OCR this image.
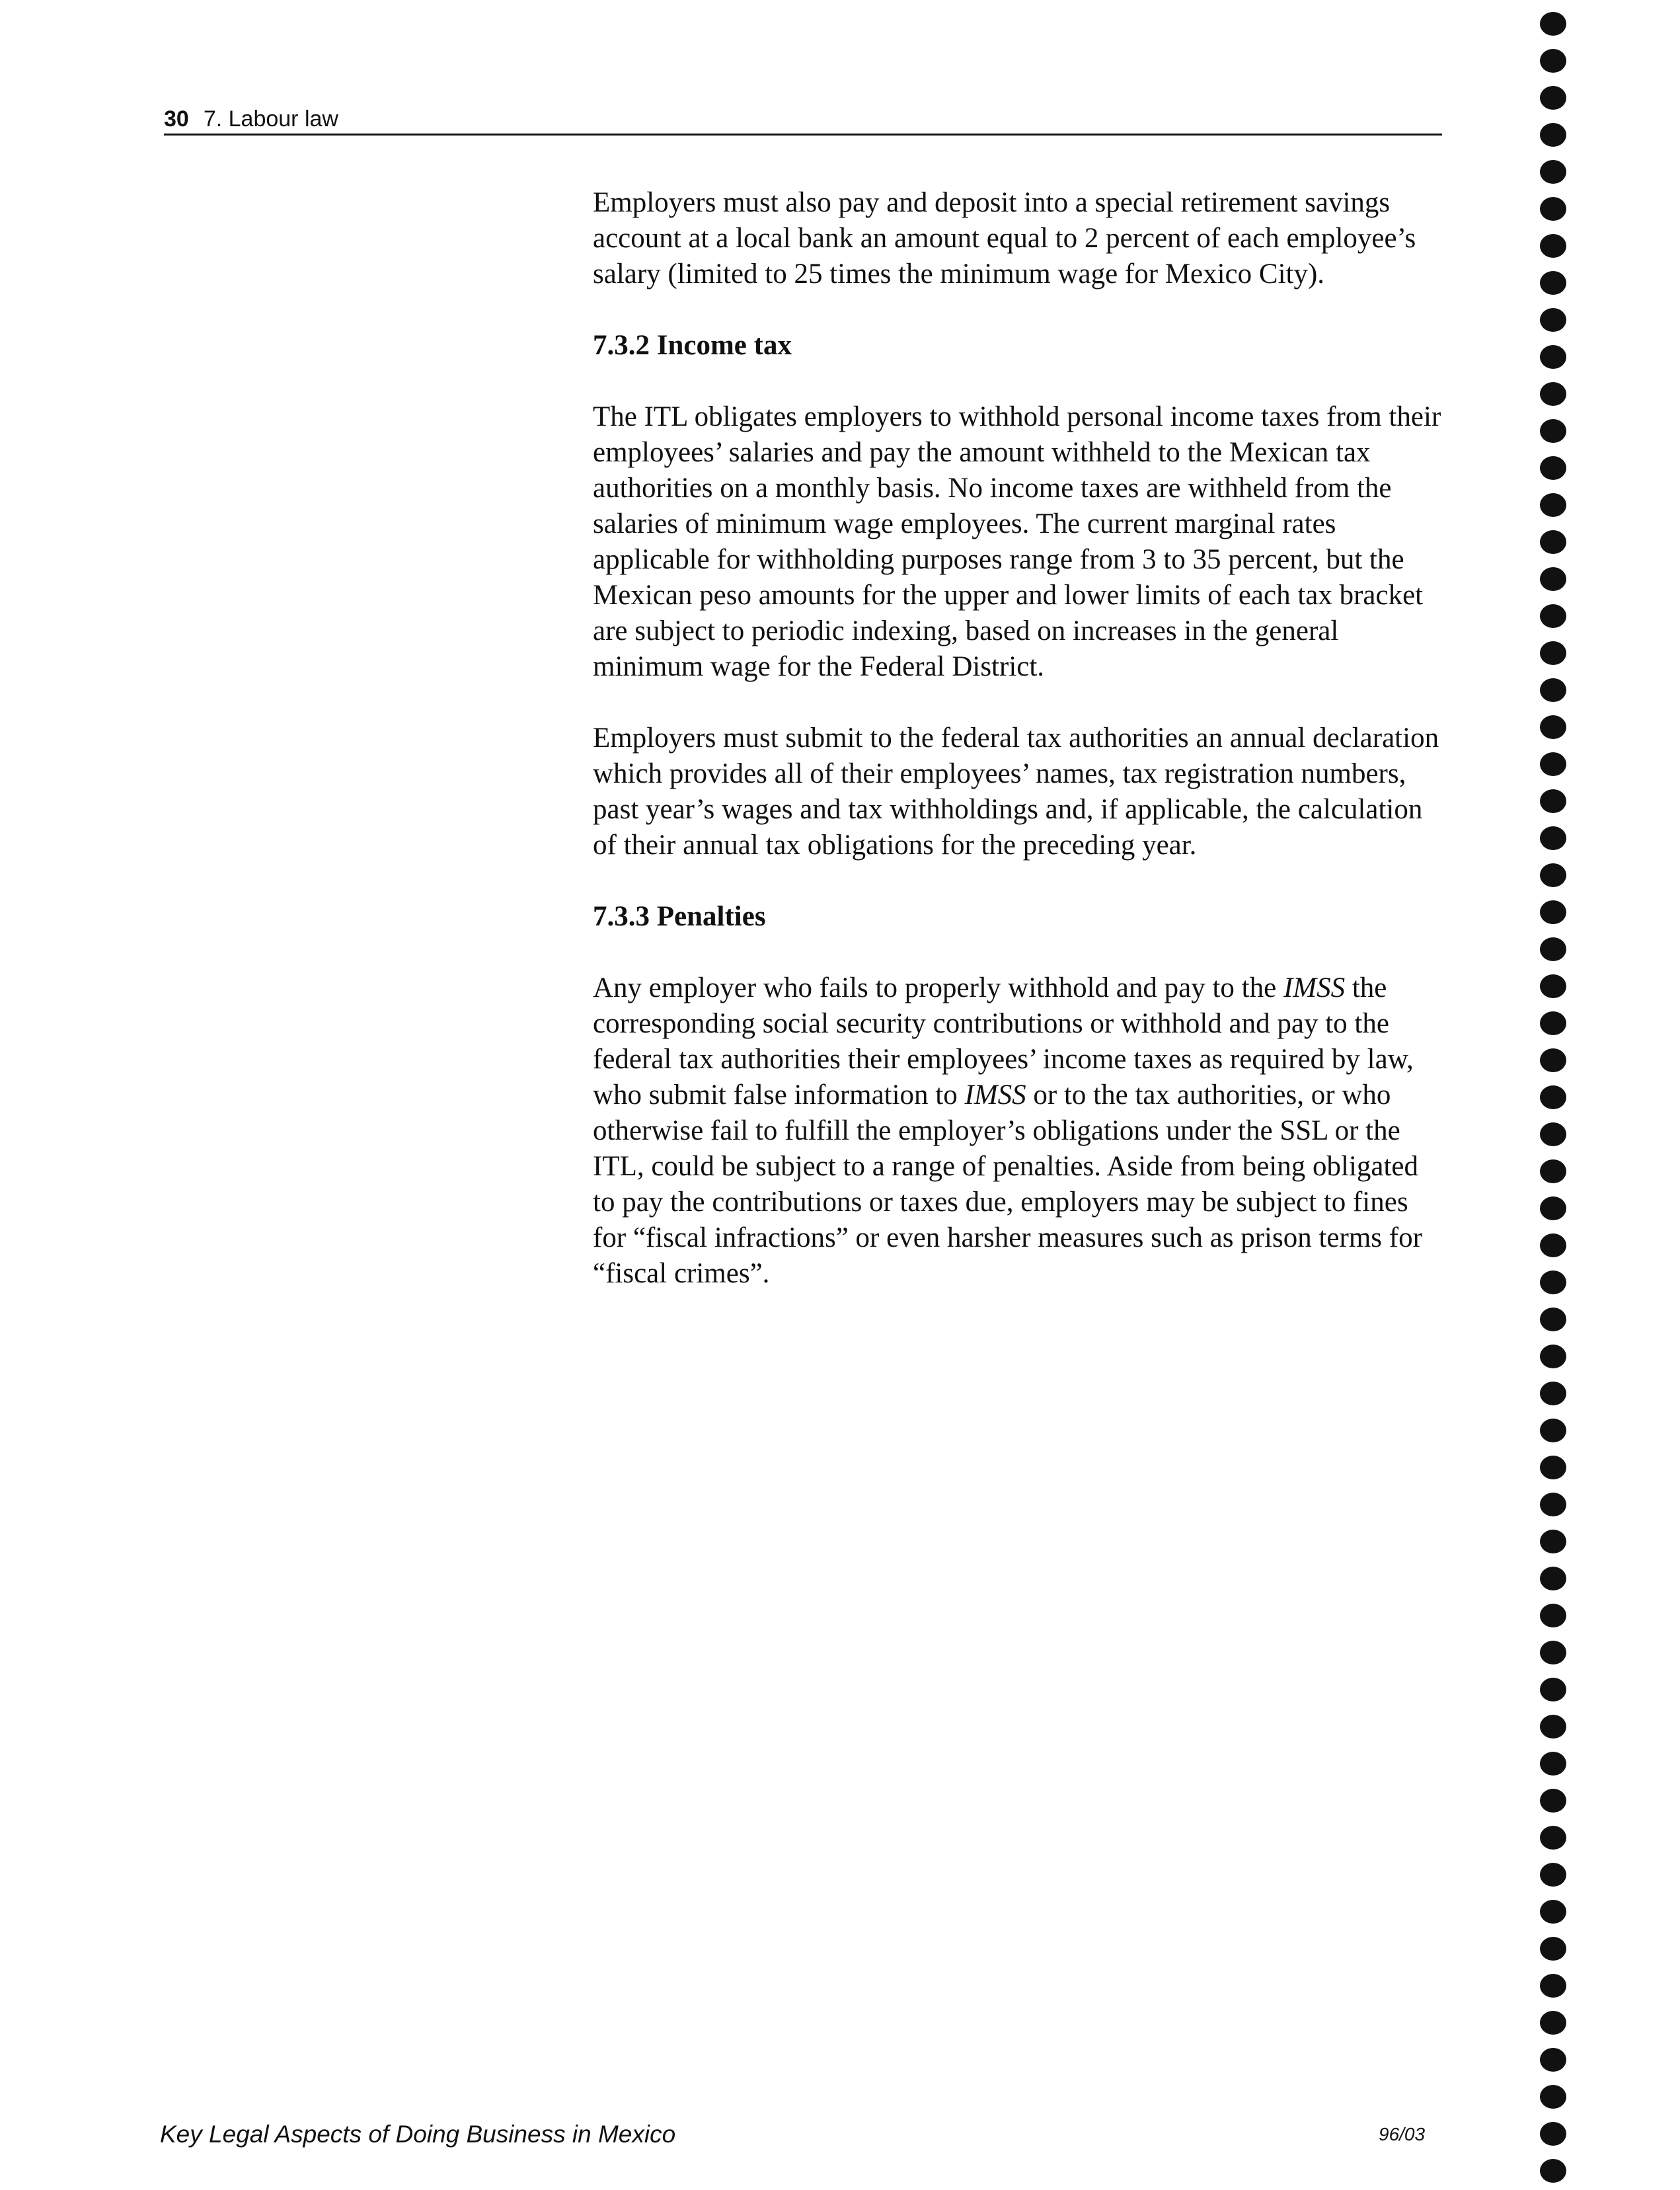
30 7. Labour law

Employers must also pay and deposit into a special retirement savings account at a local bank an amount equal to 2 percent of each employee’s salary (limited to 25 times the minimum wage for Mexico City).

7.3.2 Income tax

The ITL obligates employers to withhold personal income taxes from their employees’ salaries and pay the amount withheld to the Mexican tax authorities on a monthly basis. No income taxes are withheld from the salaries of minimum wage employees. The current marginal rates applicable for withholding purposes range from 3 to 35 percent, but the Mexican peso amounts for the upper and lower limits of each tax bracket are subject to periodic indexing, based on increases in the general minimum wage for the Federal District.

Employers must submit to the federal tax authorities an annual declaration which provides all of their employees’ names, tax registration numbers, past year’s wages and tax withholdings and, if applicable, the calculation of their annual tax obligations for the preceding year.

7.3.3 Penalties

Any employer who fails to properly withhold and pay to the IMSS the corresponding social security contributions or withhold and pay to the federal tax authorities their employees’ income taxes as required by law, who submit false information to IMSS or to the tax authorities, or who otherwise fail to fulfill the employer’s obligations under the SSL or the ITL, could be subject to a range of penalties. Aside from being obligated to pay the contributions or taxes due, employers may be subject to fines for “fiscal infractions” or even harsher measures such as prison terms for “fiscal crimes”.

Key Legal Aspects of Doing Business in Mexico	96/03
